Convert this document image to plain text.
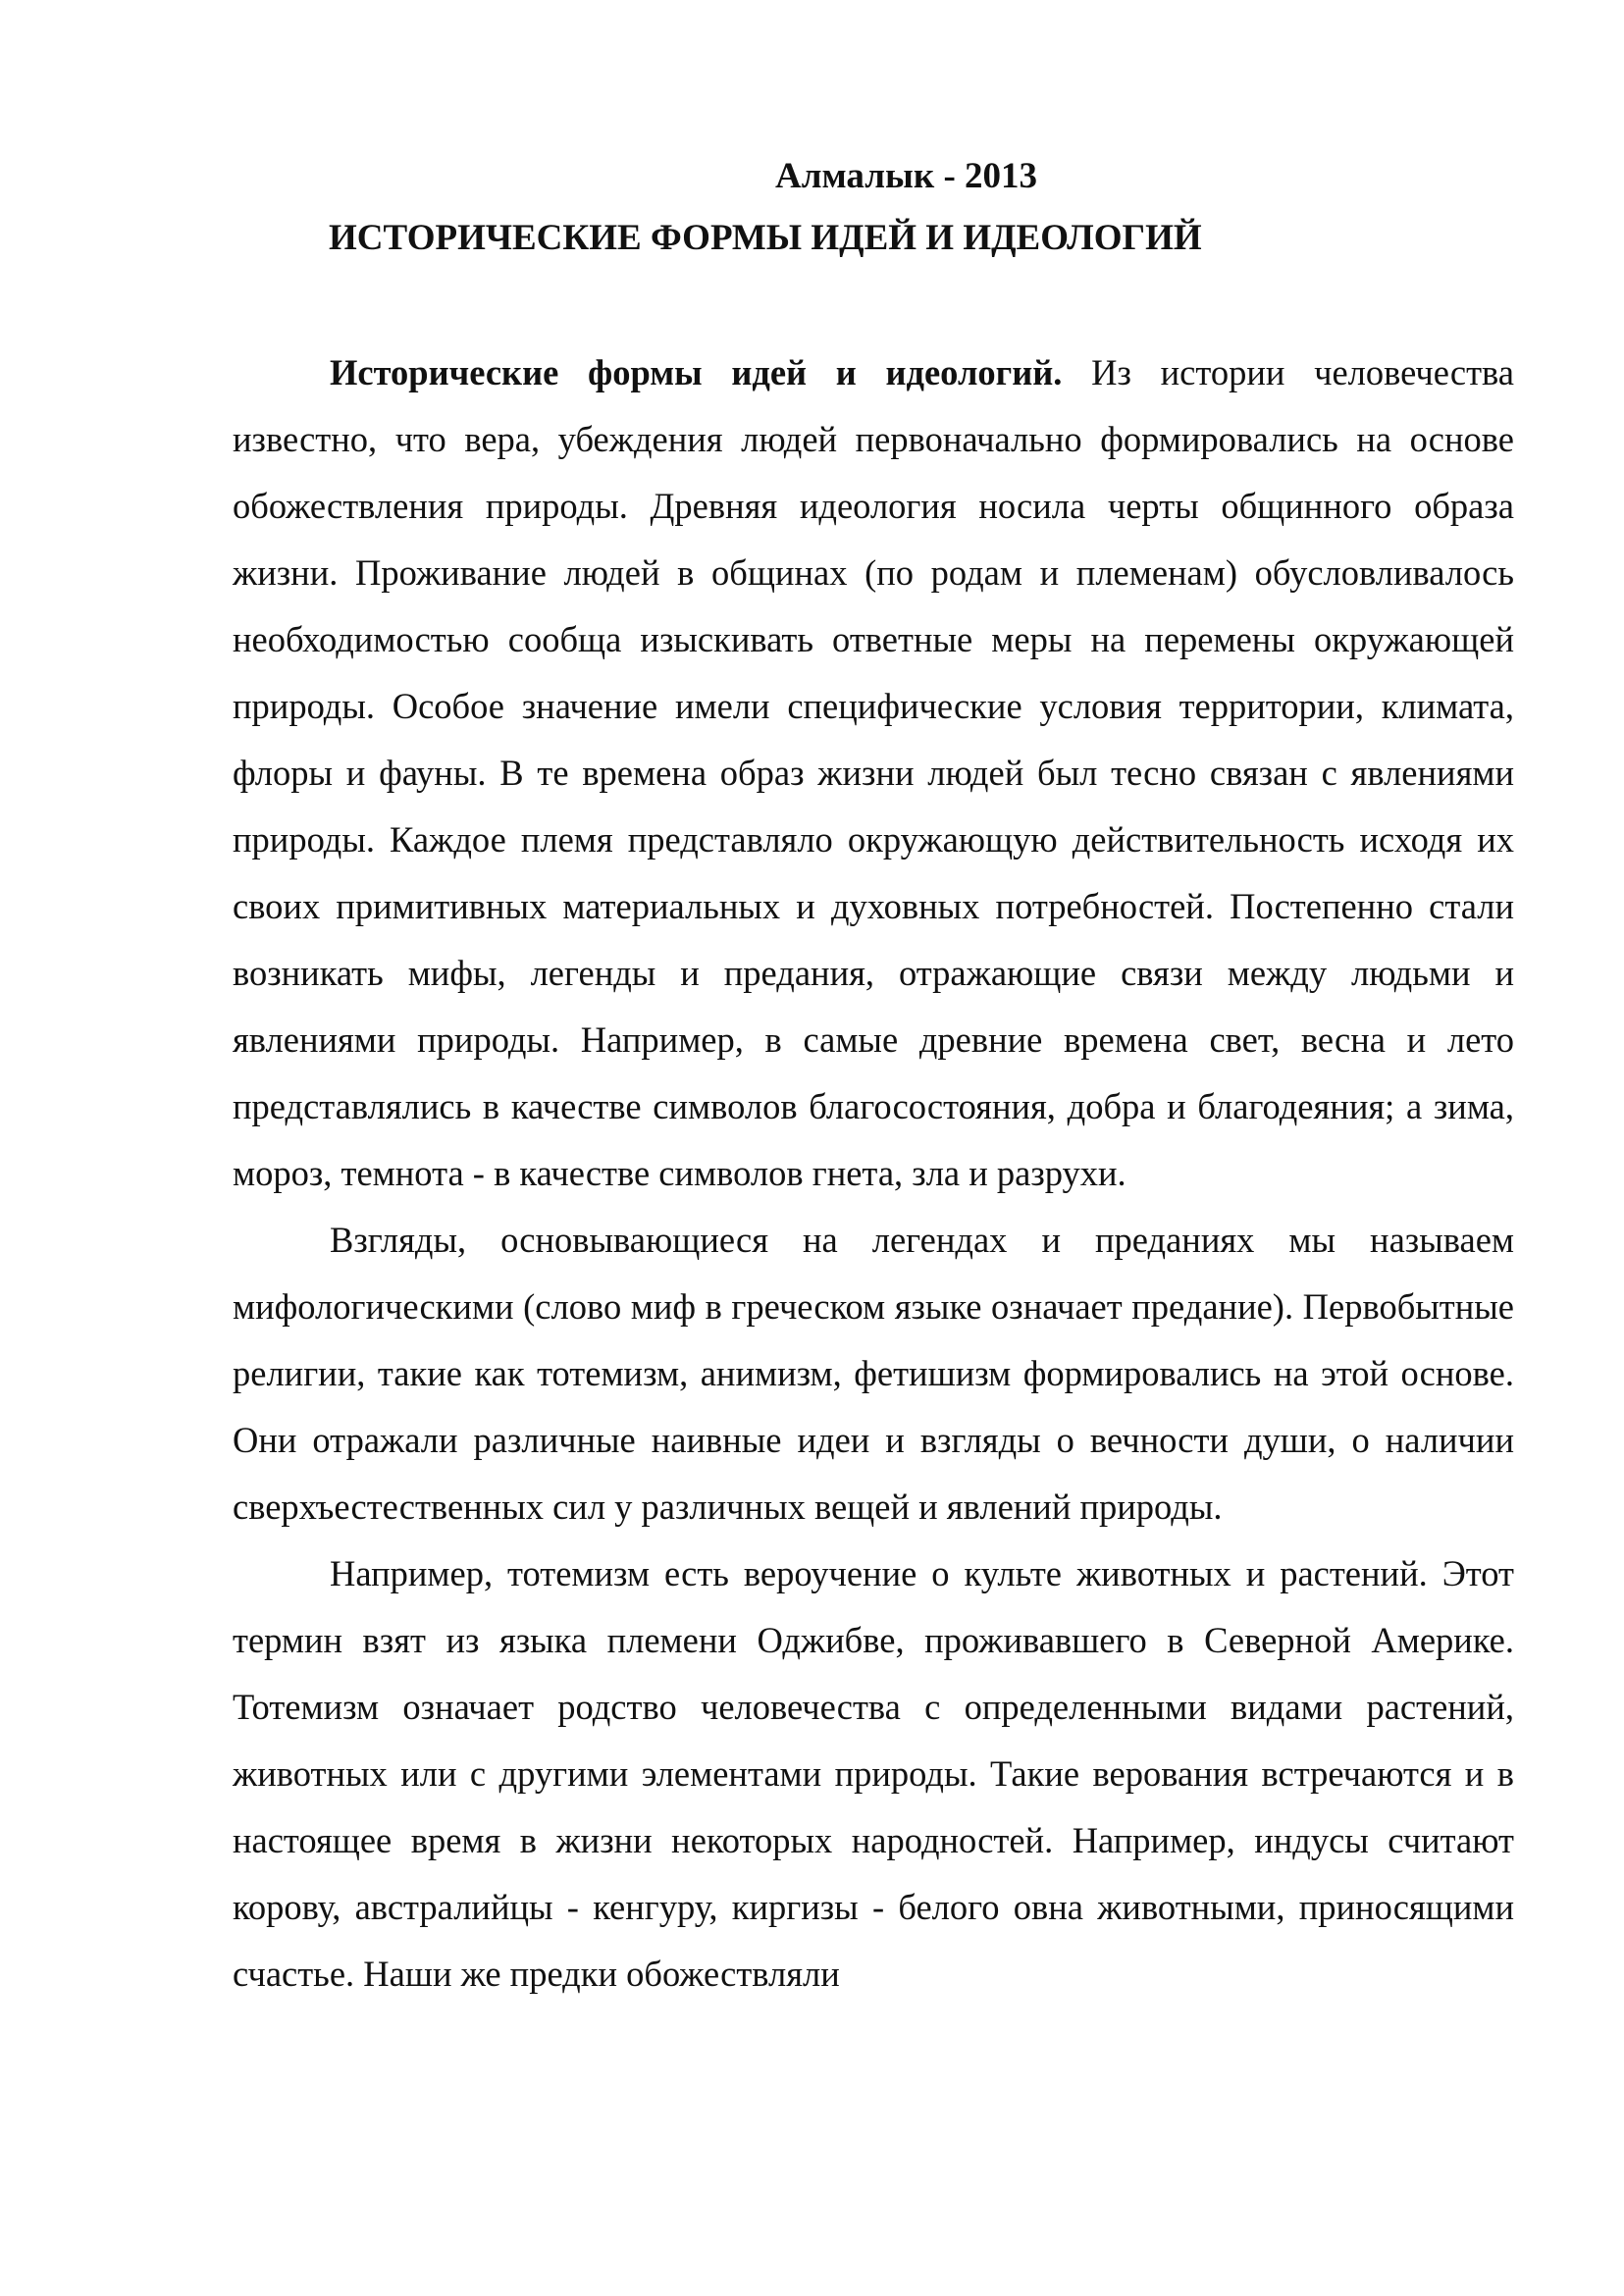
Алмалык - 2013
ИСТОРИЧЕСКИЕ ФОРМЫ ИДЕЙ И ИДЕОЛОГИЙ

Исторические формы идей и идеологий. Из истории человечества известно, что вера, убеждения людей первоначально формировались на основе обожествления природы. Древняя идеология носила черты общинного образа жизни. Проживание людей в общинах (по родам и племенам) обусловливалось необходимостью сообща изыскивать ответные меры на перемены окружающей природы. Особое значение имели специфические условия территории, климата, флоры и фауны. В те времена образ жизни людей был тесно связан с явлениями природы. Каждое племя представляло окружающую действительность исходя их своих примитивных материальных и духовных потребностей. Постепенно стали возникать мифы, легенды и предания, отражающие связи между людьми и явлениями природы. Например, в самые древние времена свет, весна и лето представлялись в качестве символов благосостояния, добра и благодеяния; а зима, мороз, темнота - в качестве символов гнета, зла и разрухи.

Взгляды, основывающиеся на легендах и преданиях мы называем мифологическими (слово миф в греческом языке означает предание). Первобытные религии, такие как тотемизм, анимизм, фетишизм формировались на этой основе. Они отражали различные наивные идеи и взгляды о вечности души, о наличии сверхъестественных сил у различных вещей и явлений природы.

Например, тотемизм есть вероучение о культе животных и растений. Этот термин взят из языка племени Оджибве, проживавшего в Северной Америке. Тотемизм означает родство человечества с определенными видами растений, животных или с другими элементами природы. Такие верования встречаются и в настоящее время в жизни некоторых народностей. Например, индусы считают корову, австралийцы - кенгуру, киргизы - белого овна животными, приносящими счастье. Наши же предки обожествляли
